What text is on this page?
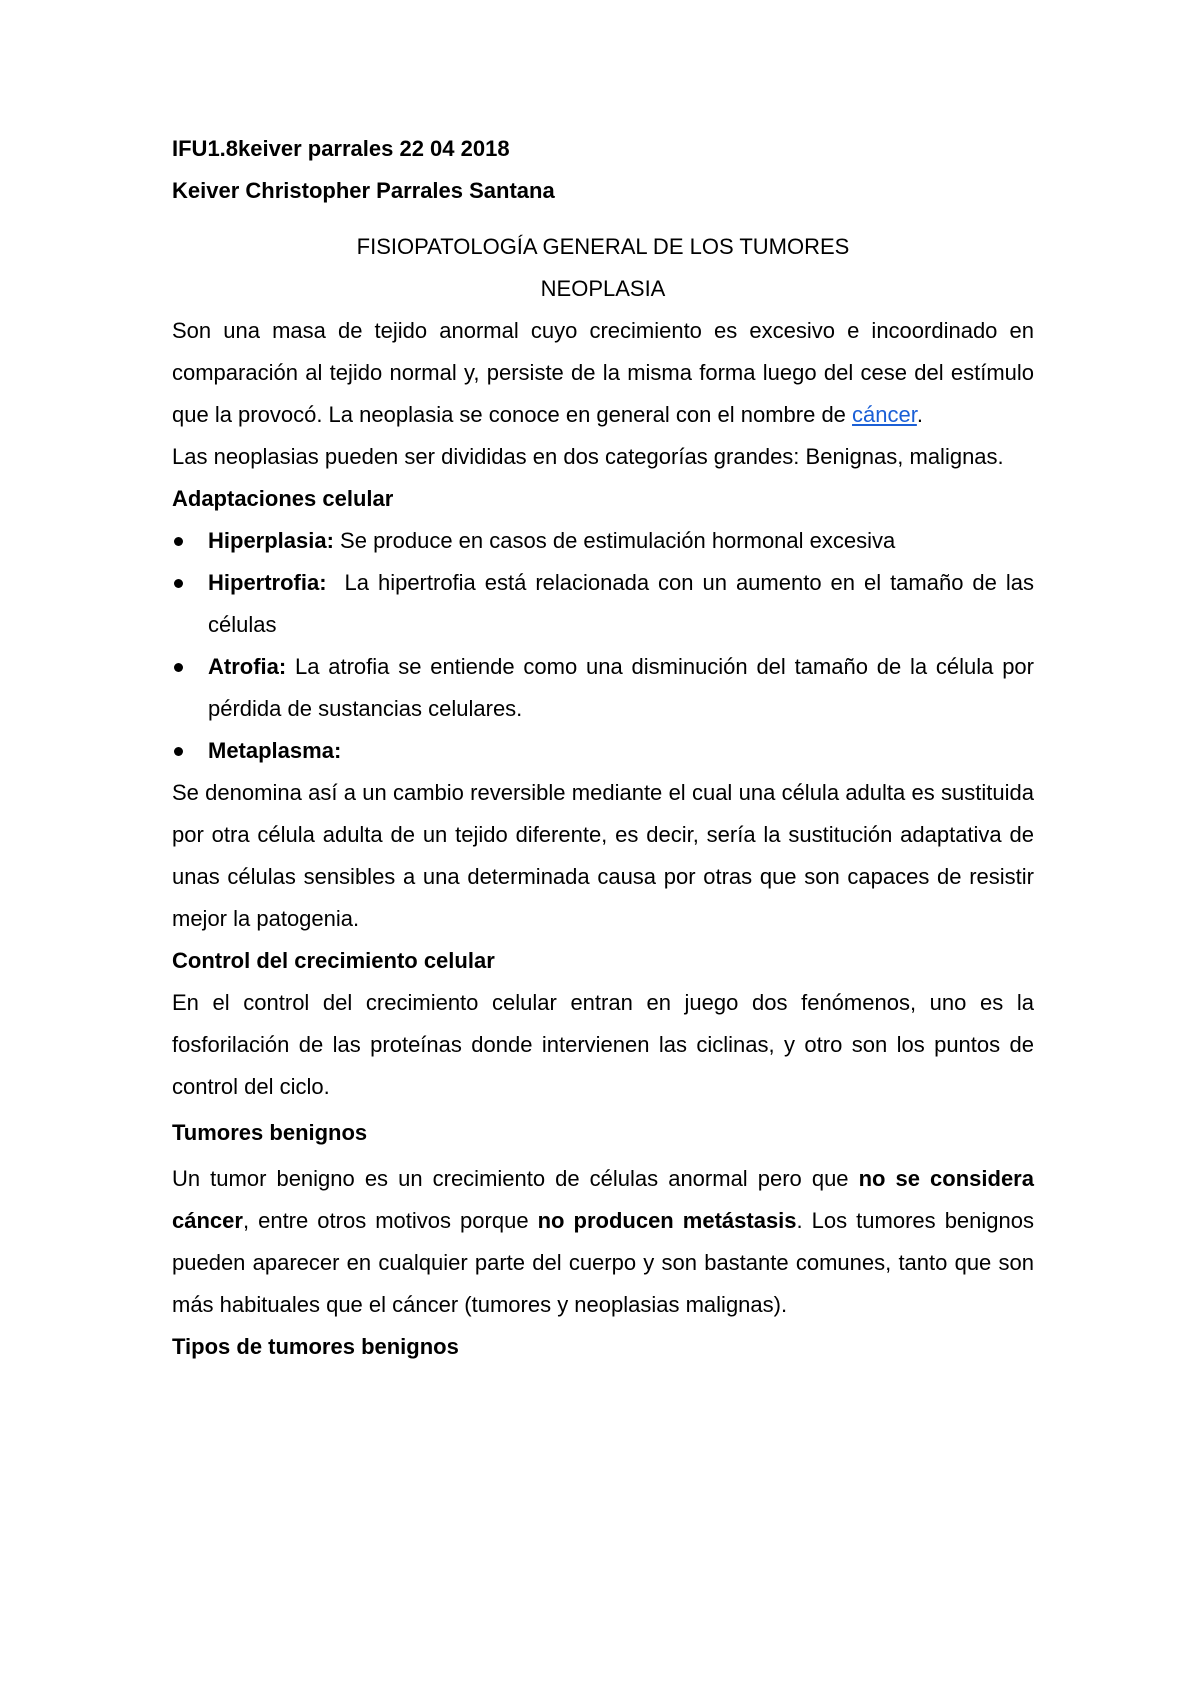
IFU1.8keiver parrales 22 04 2018

Keiver Christopher Parrales Santana

FISIOPATOLOGÍA GENERAL DE LOS TUMORES

NEOPLASIA

Son una masa de tejido anormal cuyo crecimiento es excesivo e incoordinado en comparación al tejido normal y, persiste de la misma forma luego del cese del estímulo que la provocó. La neoplasia se conoce en general con el nombre de cáncer.

Las neoplasias pueden ser divididas en dos categorías grandes: Benignas, malignas.

Adaptaciones celular

Hiperplasia: Se produce en casos de estimulación hormonal excesiva
Hipertrofia:  La hipertrofia está relacionada con un aumento en el tamaño de las células
Atrofia: La atrofia se entiende como una disminución del tamaño de la célula por pérdida de sustancias celulares.
Metaplasma:

Se denomina así a un cambio reversible mediante el cual una célula adulta es sustituida por otra célula adulta de un tejido diferente, es decir, sería la sustitución adaptativa de unas células sensibles a una determinada causa por otras que son capaces de resistir mejor la patogenia.

Control del crecimiento celular

En el control del crecimiento celular entran en juego dos fenómenos, uno es la fosforilación de las proteínas donde intervienen las ciclinas, y otro son los puntos de control del ciclo.

Tumores benignos

Un tumor benigno es un crecimiento de células anormal pero que no se considera cáncer, entre otros motivos porque no producen metástasis. Los tumores benignos pueden aparecer en cualquier parte del cuerpo y son bastante comunes, tanto que son más habituales que el cáncer (tumores y neoplasias malignas).

Tipos de tumores benignos
